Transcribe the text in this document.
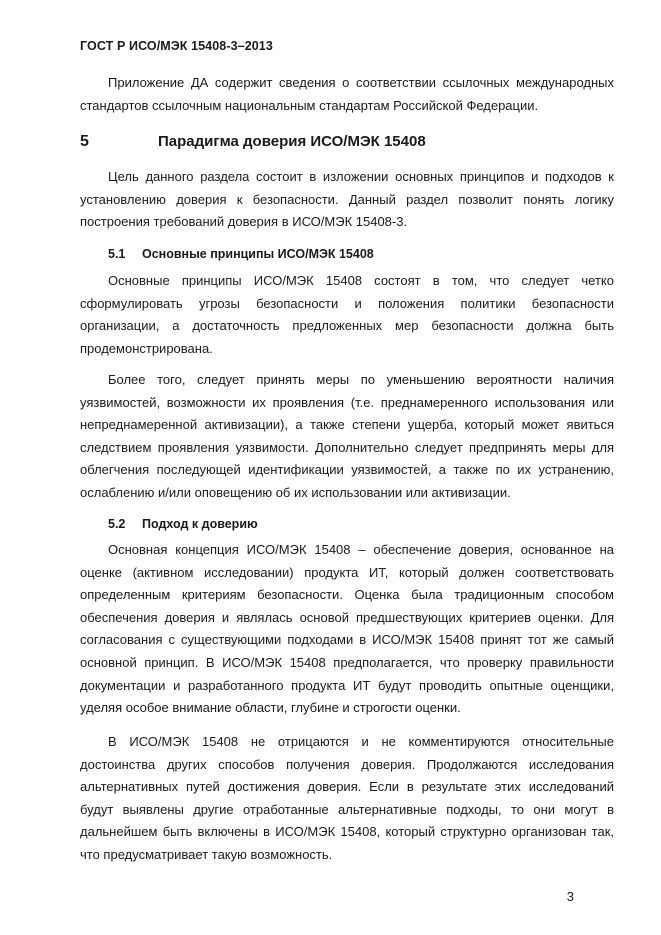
ГОСТ Р ИСО/МЭК 15408-3–2013

Приложение ДА содержит сведения о соответствии ссылочных международных стандартов ссылочным национальным стандартам Российской Федерации.

5	Парадигма доверия ИСО/МЭК 15408

Цель данного раздела состоит в изложении основных принципов и подходов к установлению доверия к безопасности. Данный раздел позволит понять логику построения требований доверия в ИСО/МЭК 15408-3.

5.1 Основные принципы ИСО/МЭК 15408

Основные принципы ИСО/МЭК 15408 состоят в том, что следует четко сформулировать угрозы безопасности и положения политики безопасности организации, а достаточность предложенных мер безопасности должна быть продемонстрирована.

Более того, следует принять меры по уменьшению вероятности наличия уязвимостей, возможности их проявления (т.е. преднамеренного использования или непреднамеренной активизации), а также степени ущерба, который может явиться следствием проявления уязвимости. Дополнительно следует предпринять меры для облегчения последующей идентификации уязвимостей, а также по их устранению, ослаблению и/или оповещению об их использовании или активизации.

5.2 Подход к доверию

Основная концепция ИСО/МЭК 15408 – обеспечение доверия, основанное на оценке (активном исследовании) продукта ИТ, который должен соответствовать определенным критериям безопасности. Оценка была традиционным способом обеспечения доверия и являлась основой предшествующих критериев оценки. Для согласования с существующими подходами в ИСО/МЭК 15408 принят тот же самый основной принцип. В ИСО/МЭК 15408 предполагается, что проверку правильности документации и разработанного продукта ИТ будут проводить опытные оценщики, уделяя особое внимание области, глубине и строгости оценки.

В ИСО/МЭК 15408 не отрицаются и не комментируются относительные достоинства других способов получения доверия. Продолжаются исследования альтернативных путей достижения доверия. Если в результате этих исследований будут выявлены другие отработанные альтернативные подходы, то они могут в дальнейшем быть включены в ИСО/МЭК 15408, который структурно организован так, что предусматривает такую возможность.

3
